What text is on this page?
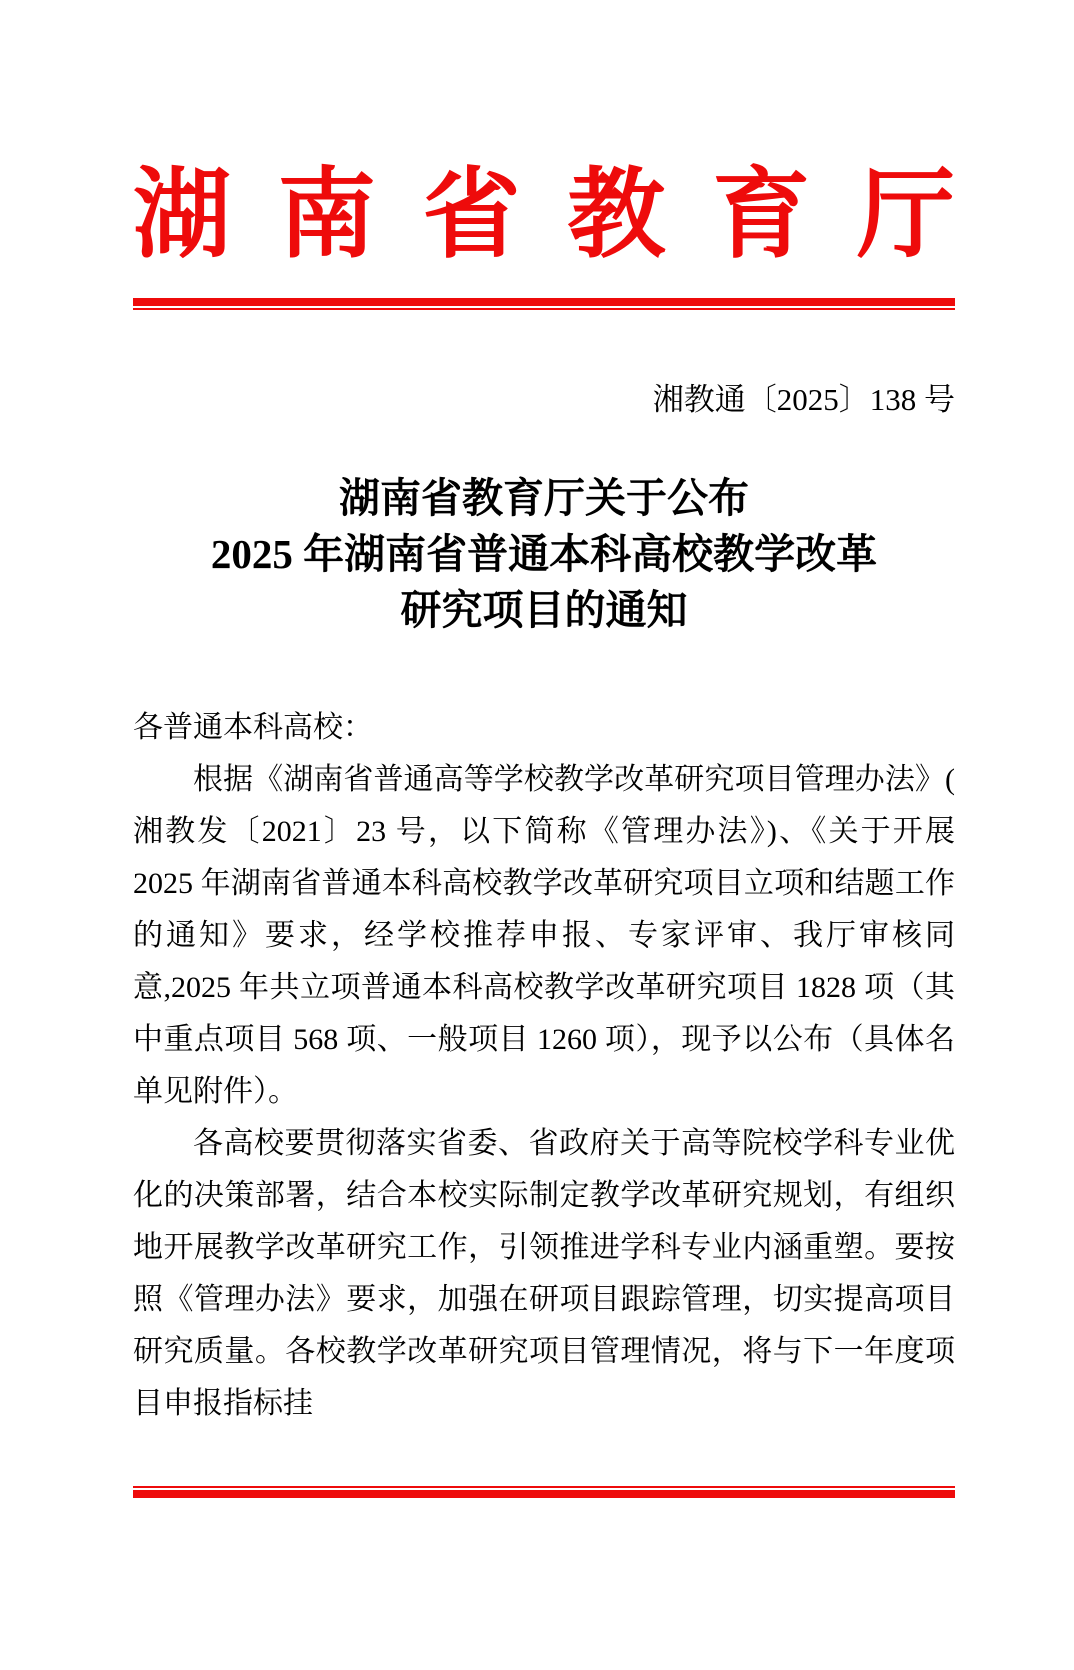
湖南省教育厅
湘教通〔2025〕138 号
湖南省教育厅关于公布
2025 年湖南省普通本科高校教学改革
研究项目的通知

各普通本科高校：

根据《湖南省普通高等学校教学改革研究项目管理办法》( 湘教发〔2021〕23 号，以下简称《管理办法》)、《关于开展 2025 年湖南省普通本科高校教学改革研究项目立项和结题工作的通知》要求，经学校推荐申报、专家评审、我厅审核同意,2025 年共立项普通本科高校教学改革研究项目 1828 项（其中重点项目 568 项、一般项目 1260 项），现予以公布（具体名单见附件）。

各高校要贯彻落实省委、省政府关于高等院校学科专业优化的决策部署，结合本校实际制定教学改革研究规划，有组织地开展教学改革研究工作，引领推进学科专业内涵重塑。要按照《管理办法》要求，加强在研项目跟踪管理，切实提高项目研究质量。各校教学改革研究项目管理情况，将与下一年度项目申报指标挂
